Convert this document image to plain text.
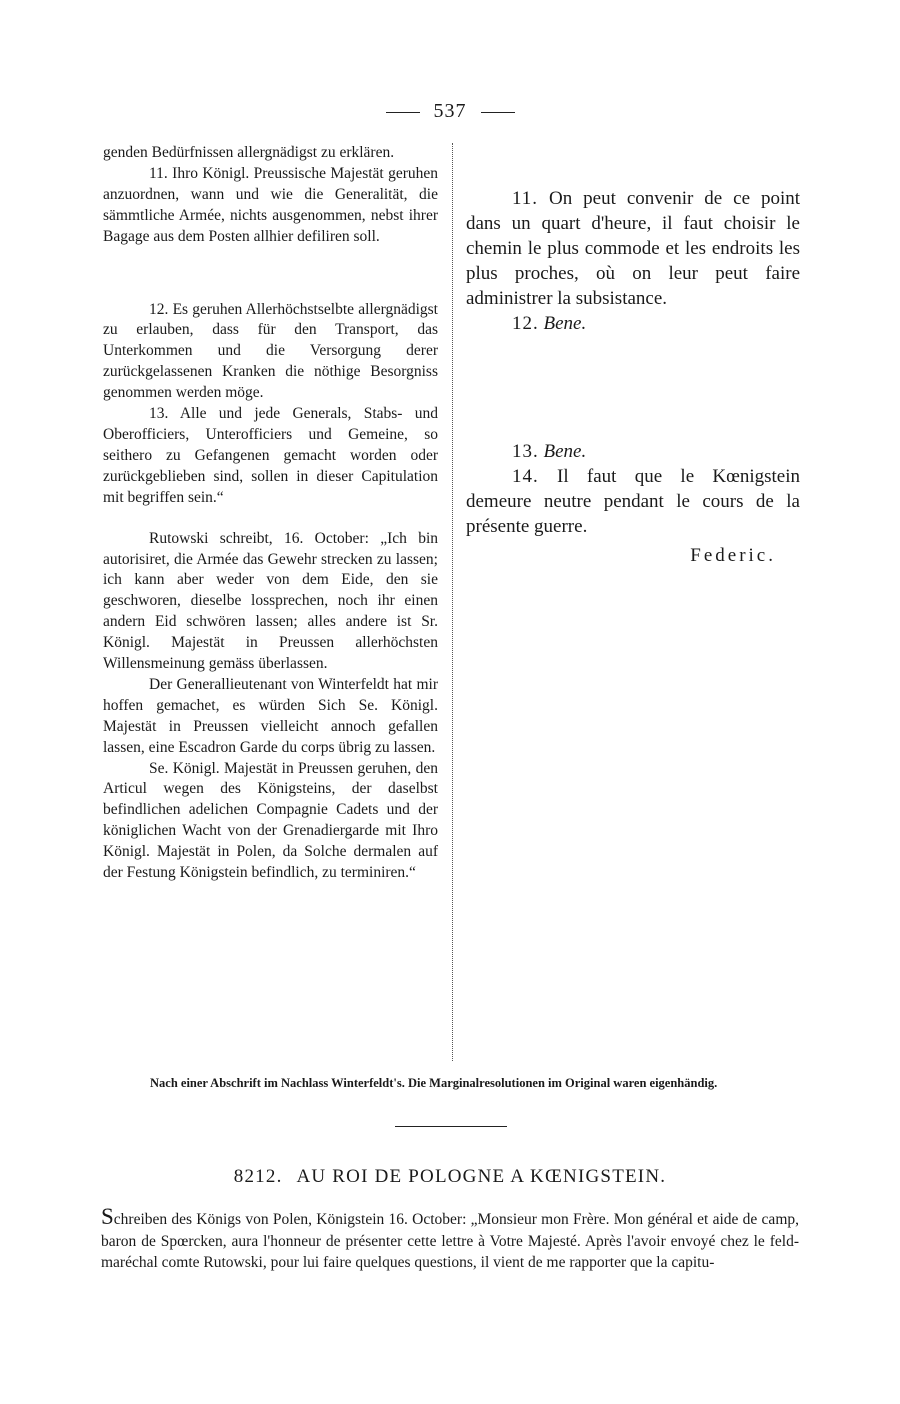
537

genden Bedürfnissen allergnädigst zu erklären.

11. Ihro Königl. Preussische Majestät geruhen anzuordnen, wann und wie die Generalität, die sämmtliche Armée, nichts ausgenommen, nebst ihrer Bagage aus dem Posten allhier defiliren soll.

12. Es geruhen Allerhöchstselbte allergnädigst zu erlauben, dass für den Transport, das Unterkommen und die Versorgung derer zurückgelassenen Kranken die nöthige Besorgniss genommen werden möge.

13. Alle und jede Generals, Stabs- und Oberofficiers, Unterofficiers und Gemeine, so seithero zu Gefangenen gemacht worden oder zurückgeblieben sind, sollen in dieser Capitulation mit begriffen sein.“

Rutowski schreibt, 16. October: „Ich bin autorisiret, die Armée das Gewehr strecken zu lassen; ich kann aber weder von dem Eide, den sie geschworen, dieselbe lossprechen, noch ihr einen andern Eid schwören lassen; alles andere ist Sr. Königl. Majestät in Preussen allerhöchsten Willensmeinung gemäss überlassen.

Der Generallieutenant von Winterfeldt hat mir hoffen gemachet, es würden Sich Se. Königl. Majestät in Preussen vielleicht annoch gefallen lassen, eine Escadron Garde du corps übrig zu lassen.

Se. Königl. Majestät in Preussen geruhen, den Articul wegen des Königsteins, der daselbst befindlichen adelichen Compagnie Cadets und der königlichen Wacht von der Grenadiergarde mit Ihro Königl. Majestät in Polen, da Solche dermalen auf der Festung Königstein befindlich, zu terminiren.“

11. On peut convenir de ce point dans un quart d'heure, il faut choisir le chemin le plus commode et les endroits les plus proches, où on leur peut faire administrer la subsistance.

12. Bene.

13. Bene.

14. Il faut que le Kœnigstein demeure neutre pendant le cours de la présente guerre.

Federic.

Nach einer Abschrift im Nachlass Winterfeldt's. Die Marginalresolutionen im Original waren eigenhändig.
8212. AU ROI DE POLOGNE A KŒNIGSTEIN.
Schreiben des Königs von Polen, Königstein 16. October: „Monsieur mon Frère. Mon général et aide de camp, baron de Spœrcken, aura l'honneur de présenter cette lettre à Votre Majesté. Après l'avoir envoyé chez le feld-maréchal comte Rutowski, pour lui faire quelques questions, il vient de me rapporter que la capitu-
